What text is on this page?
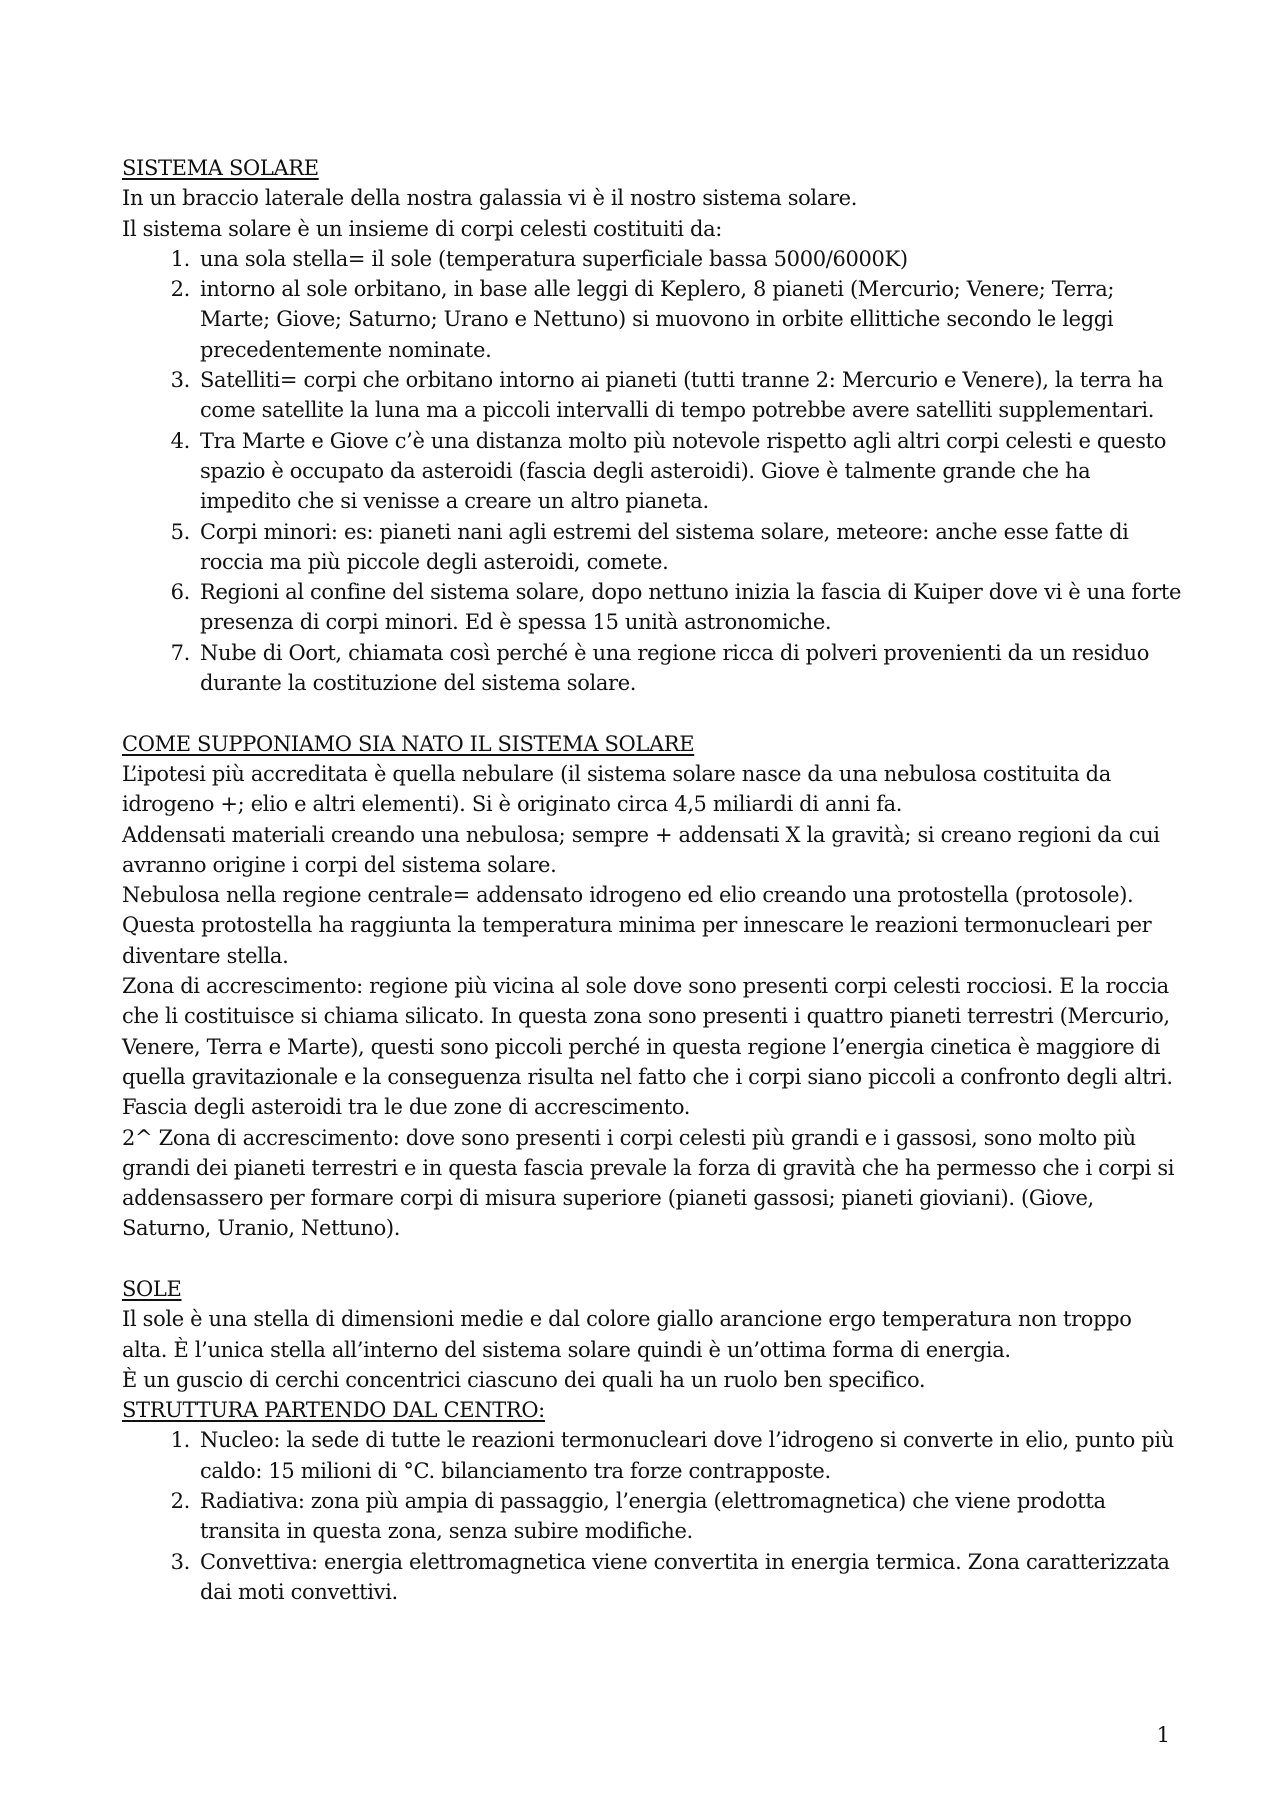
SISTEMA SOLARE

In un braccio laterale della nostra galassia vi è il nostro sistema solare.

Il sistema solare è un insieme di corpi celesti costituiti da:

1. una sola stella= il sole (temperatura superficiale bassa 5000/6000K)
2. intorno al sole orbitano, in base alle leggi di Keplero, 8 pianeti (Mercurio; Venere; Terra; Marte; Giove; Saturno; Urano e Nettuno) si muovono in orbite ellittiche secondo le leggi precedentemente nominate.
3. Satelliti= corpi che orbitano intorno ai pianeti (tutti tranne 2: Mercurio e Venere), la terra ha come satellite la luna ma a piccoli intervalli di tempo potrebbe avere satelliti supplementari.
4. Tra Marte e Giove c’è una distanza molto più notevole rispetto agli altri corpi celesti e questo spazio è occupato da asteroidi (fascia degli asteroidi). Giove è talmente grande che ha impedito che si venisse a creare un altro pianeta.
5. Corpi minori: es: pianeti nani agli estremi del sistema solare, meteore: anche esse fatte di roccia ma più piccole degli asteroidi, comete.
6. Regioni al confine del sistema solare, dopo nettuno inizia la fascia di Kuiper dove vi è una forte presenza di corpi minori. Ed è spessa 15 unità astronomiche.
7. Nube di Oort, chiamata così perché è una regione ricca di polveri provenienti da un residuo durante la costituzione del sistema solare.

COME SUPPONIAMO SIA NATO IL SISTEMA SOLARE

L’ipotesi più accreditata è quella nebulare (il sistema solare nasce da una nebulosa costituita da idrogeno +; elio e altri elementi). Si è originato circa 4,5 miliardi di anni fa.

Addensati materiali creando una nebulosa; sempre + addensati X la gravità; si creano regioni da cui avranno origine i corpi del sistema solare.

Nebulosa nella regione centrale= addensato idrogeno ed elio creando una protostella (protosole). Questa protostella ha raggiunta la temperatura minima per innescare le reazioni termonucleari per diventare stella.

Zona di accrescimento: regione più vicina al sole dove sono presenti corpi celesti rocciosi. E la roccia che li costituisce si chiama silicato. In questa zona sono presenti i quattro pianeti terrestri (Mercurio, Venere, Terra e Marte), questi sono piccoli perché in questa regione l’energia cinetica è maggiore di quella gravitazionale e la conseguenza risulta nel fatto che i corpi siano piccoli a confronto degli altri.

Fascia degli asteroidi tra le due zone di accrescimento.

2^ Zona di accrescimento: dove sono presenti i corpi celesti più grandi e i gassosi, sono molto più grandi dei pianeti terrestri e in questa fascia prevale la forza di gravità che ha permesso che i corpi si addensassero per formare corpi di misura superiore (pianeti gassosi; pianeti gioviani). (Giove, Saturno, Uranio, Nettuno).

SOLE

Il sole è una stella di dimensioni medie e dal colore giallo arancione ergo temperatura non troppo alta. È l’unica stella all’interno del sistema solare quindi è un’ottima forma di energia.

È un guscio di cerchi concentrici ciascuno dei quali ha un ruolo ben specifico.

STRUTTURA PARTENDO DAL CENTRO:

1. Nucleo: la sede di tutte le reazioni termonucleari dove l’idrogeno si converte in elio, punto più caldo: 15 milioni di °C. bilanciamento tra forze contrapposte.
2. Radiativa: zona più ampia di passaggio, l’energia (elettromagnetica) che viene prodotta transita in questa zona, senza subire modifiche.
3. Convettiva: energia elettromagnetica viene convertita in energia termica. Zona caratterizzata dai moti convettivi.
1
